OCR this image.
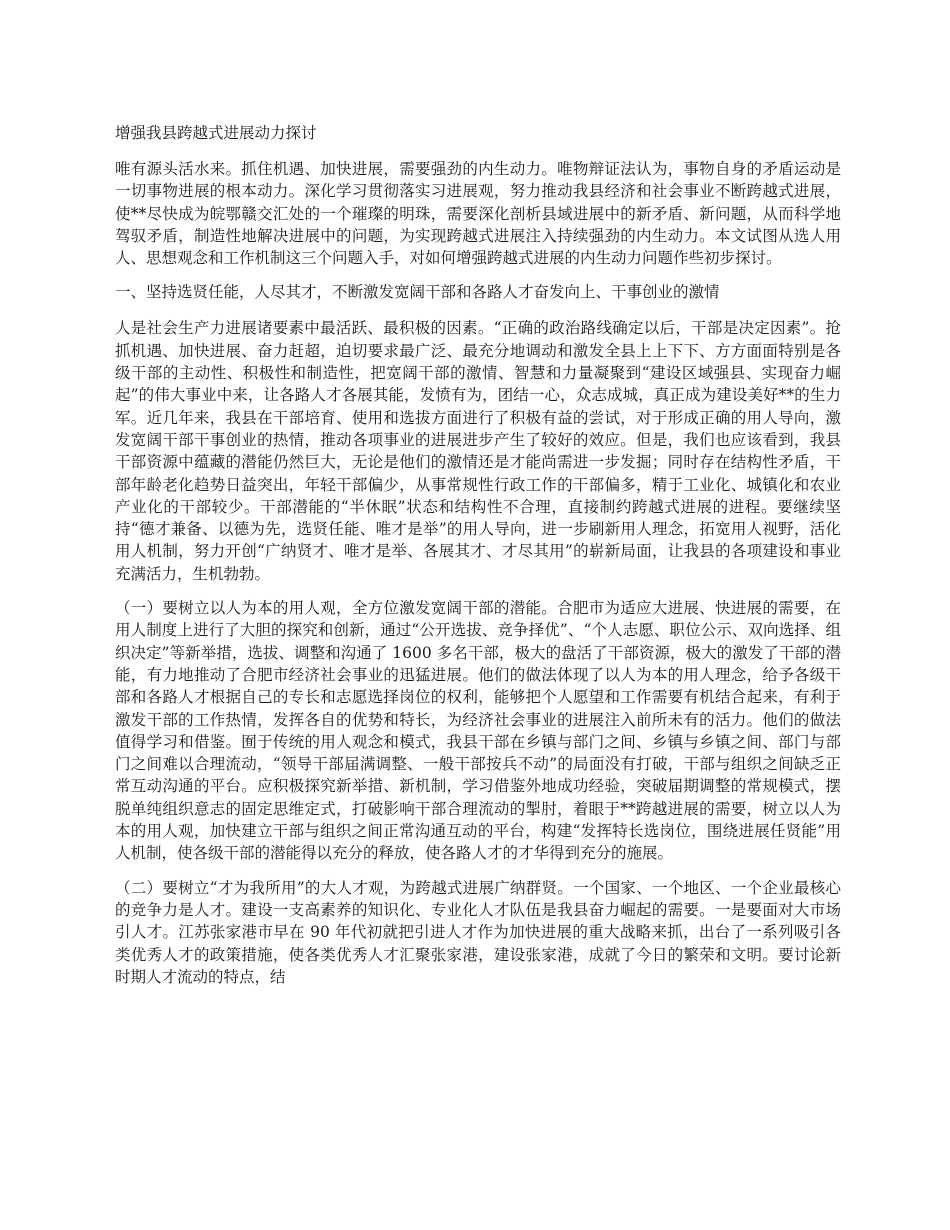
增强我县跨越式进展动力探讨

唯有源头活水来。抓住机遇、加快进展，需要强劲的内生动力。唯物辩证法认为，事物自身的矛盾运动是一切事物进展的根本动力。深化学习贯彻落实习进展观，努力推动我县经济和社会事业不断跨越式进展，使**尽快成为皖鄂赣交汇处的一个璀璨的明珠，需要深化剖析县域进展中的新矛盾、新问题，从而科学地驾驭矛盾，制造性地解决进展中的问题，为实现跨越式进展注入持续强劲的内生动力。本文试图从选人用人、思想观念和工作机制这三个问题入手，对如何增强跨越式进展的内生动力问题作些初步探讨。

一、坚持选贤任能，人尽其才，不断激发宽阔干部和各路人才奋发向上、干事创业的激情

人是社会生产力进展诸要素中最活跃、最积极的因素。“正确的政治路线确定以后，干部是决定因素”。抢抓机遇、加快进展、奋力赶超，迫切要求最广泛、最充分地调动和激发全县上上下下、方方面面特别是各级干部的主动性、积极性和制造性，把宽阔干部的激情、智慧和力量凝聚到“建设区域强县、实现奋力崛起”的伟大事业中来，让各路人才各展其能，发愤有为，团结一心，众志成城，真正成为建设美好**的生力军。近几年来，我县在干部培育、使用和选拔方面进行了积极有益的尝试，对于形成正确的用人导向，激发宽阔干部干事创业的热情，推动各项事业的进展进步产生了较好的效应。但是，我们也应该看到，我县干部资源中蕴藏的潜能仍然巨大，无论是他们的激情还是才能尚需进一步发掘；同时存在结构性矛盾，干部年龄老化趋势日益突出，年轻干部偏少，从事常规性行政工作的干部偏多，精于工业化、城镇化和农业产业化的干部较少。干部潜能的“半休眠”状态和结构性不合理，直接制约跨越式进展的进程。要继续坚持“德才兼备、以德为先，选贤任能、唯才是举”的用人导向，进一步刷新用人理念，拓宽用人视野，活化用人机制，努力开创“广纳贤才、唯才是举、各展其才、才尽其用”的崭新局面，让我县的各项建设和事业充满活力，生机勃勃。

（一）要树立以人为本的用人观，全方位激发宽阔干部的潜能。合肥市为适应大进展、快进展的需要，在用人制度上进行了大胆的探究和创新，通过“公开选拔、竞争择优”、“个人志愿、职位公示、双向选择、组织决定”等新举措，选拔、调整和沟通了 1600 多名干部，极大的盘活了干部资源，极大的激发了干部的潜能，有力地推动了合肥市经济社会事业的迅猛进展。他们的做法体现了以人为本的用人理念，给予各级干部和各路人才根据自己的专长和志愿选择岗位的权利，能够把个人愿望和工作需要有机结合起来，有利于激发干部的工作热情，发挥各自的优势和特长，为经济社会事业的进展注入前所未有的活力。他们的做法值得学习和借鉴。囿于传统的用人观念和模式，我县干部在乡镇与部门之间、乡镇与乡镇之间、部门与部门之间难以合理流动，“领导干部届满调整、一般干部按兵不动”的局面没有打破，干部与组织之间缺乏正常互动沟通的平台。应积极探究新举措、新机制，学习借鉴外地成功经验，突破届期调整的常规模式，摆脱单纯组织意志的固定思维定式，打破影响干部合理流动的掣肘，着眼于**跨越进展的需要，树立以人为本的用人观，加快建立干部与组织之间正常沟通互动的平台，构建“发挥特长选岗位，围绕进展任贤能”用人机制，使各级干部的潜能得以充分的释放，使各路人才的才华得到充分的施展。

（二）要树立“才为我所用”的大人才观，为跨越式进展广纳群贤。一个国家、一个地区、一个企业最核心的竞争力是人才。建设一支高素养的知识化、专业化人才队伍是我县奋力崛起的需要。一是要面对大市场引人才。江苏张家港市早在 90 年代初就把引进人才作为加快进展的重大战略来抓，出台了一系列吸引各类优秀人才的政策措施，使各类优秀人才汇聚张家港，建设张家港，成就了今日的繁荣和文明。要讨论新时期人才流动的特点，结
